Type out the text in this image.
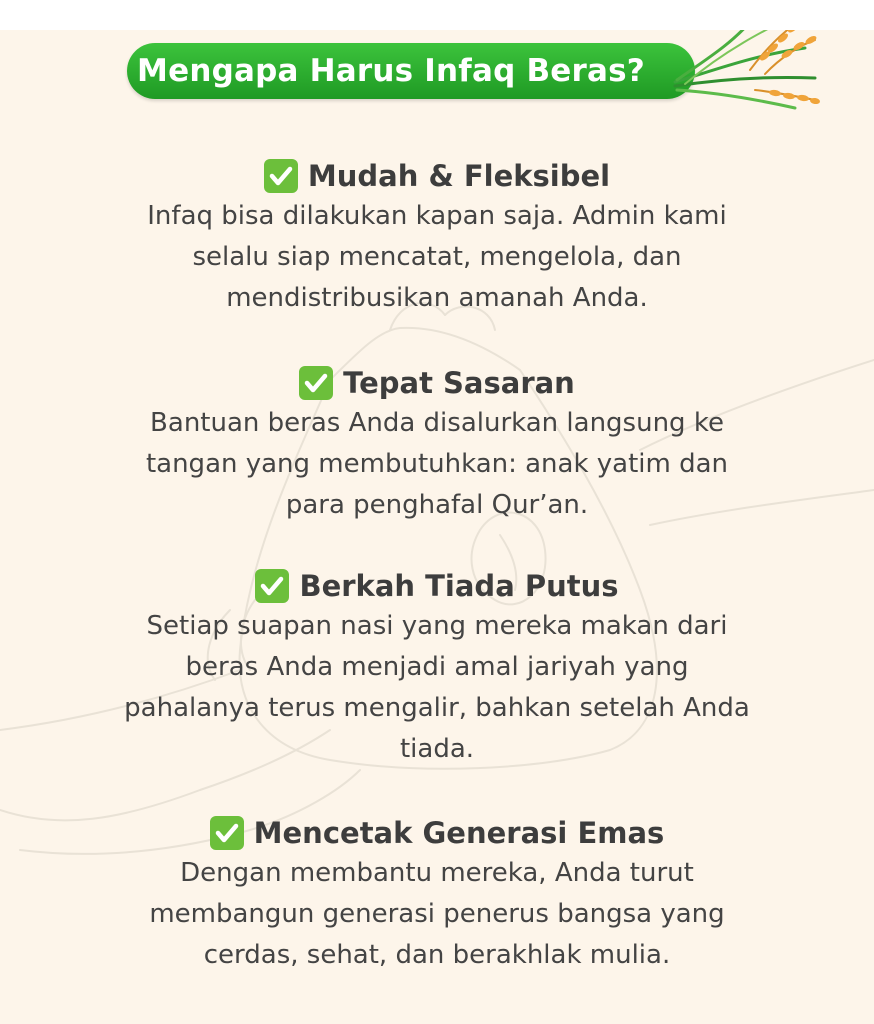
Mengapa Harus Infaq Beras?
Mudah & Fleksibel
Infaq bisa dilakukan kapan saja. Admin kami
selalu siap mencatat, mengelola, dan
mendistribusikan amanah Anda.
Tepat Sasaran
Bantuan beras Anda disalurkan langsung ke
tangan yang membutuhkan: anak yatim dan
para penghafal Qur’an.
Berkah Tiada Putus
Setiap suapan nasi yang mereka makan dari
beras Anda menjadi amal jariyah yang
pahalanya terus mengalir, bahkan setelah Anda
tiada.
Mencetak Generasi Emas
Dengan membantu mereka, Anda turut
membangun generasi penerus bangsa yang
cerdas, sehat, dan berakhlak mulia.
